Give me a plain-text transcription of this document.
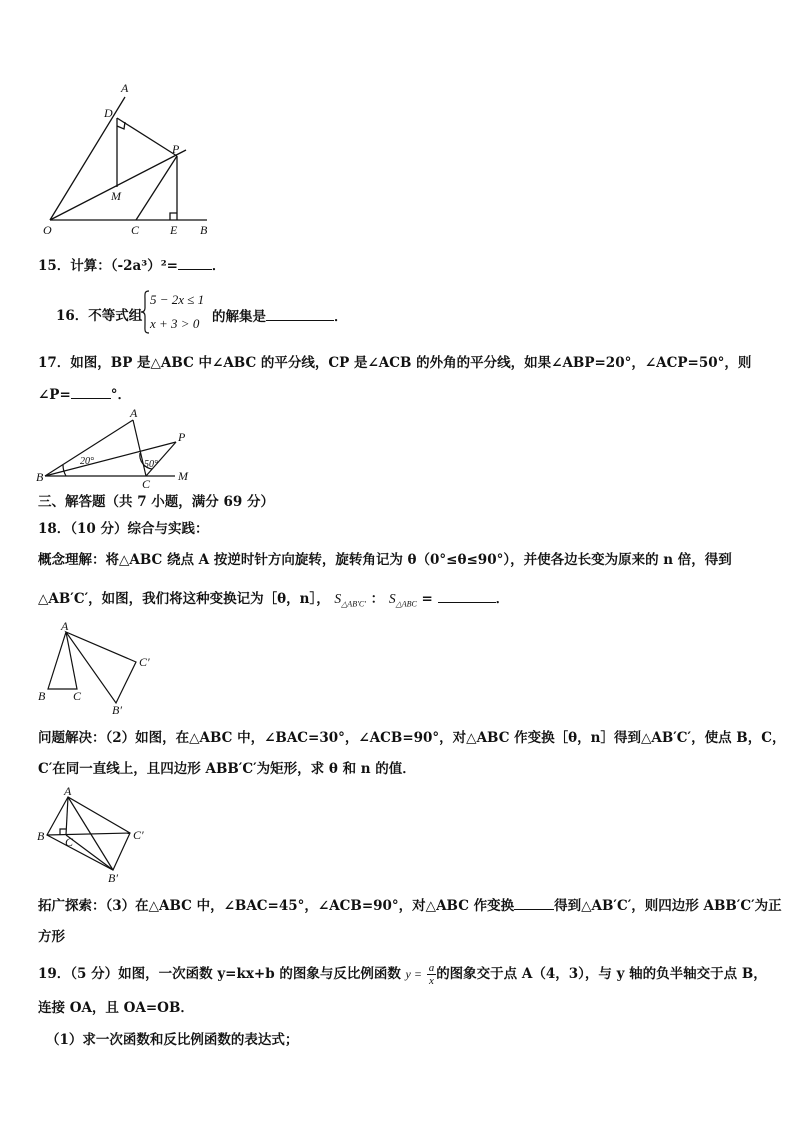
A
D
P
M
O	C	E B
15．计算：（-2a³）²=	．
16．不等式组
5 − 2x ≤ 1
x + 3 > 0 的解集是	．
17．如图，BP 是△ABC 中∠ABC 的平分线，CP 是∠ACB 的外角的平分线，如果∠ABP=20°，∠ACP=50°，则
∠P=	°．
A
P
B	C
M
20°	50°
三、解答题（共 7 小题，满分 69 分）
18．（10 分）综合与实践：
概念理解：将△ABC 绕点 A 按逆时针方向旋转，旋转角记为 θ（0°≤θ≤90°），并使各边长变为原来的 n 倍，得到
△AB′C′，如图，我们将这种变换记为［θ，n］， $S_{\triangle AB'C'}$ ： $S_{\triangle ABC}$ =	．
A
B C
C′
B′
问题解决：（2）如图，在△ABC 中，∠BAC=30°，∠ACB=90°，对△ABC 作变换［θ，n］得到△AB′C′，使点 B，C，
C′在同一直线上，且四边形 ABB′C′为矩形，求 θ 和 n 的值．
A
B C	C′
B′
拓广探索：（3）在△ABC 中，∠BAC=45°，∠ACB=90°，对△ABC 作变换	得到△AB′C′，则四边形 ABB′C′为正
方形
19．（5 分）如图，一次函数 y=kx+b 的图象与反比例函数 $y = \frac{a}{x}$ 的图象交于点 A（4，3），与 y 轴的负半轴交于点 B，
连接 OA，且 OA=OB．
（1）求一次函数和反比例函数的表达式；
